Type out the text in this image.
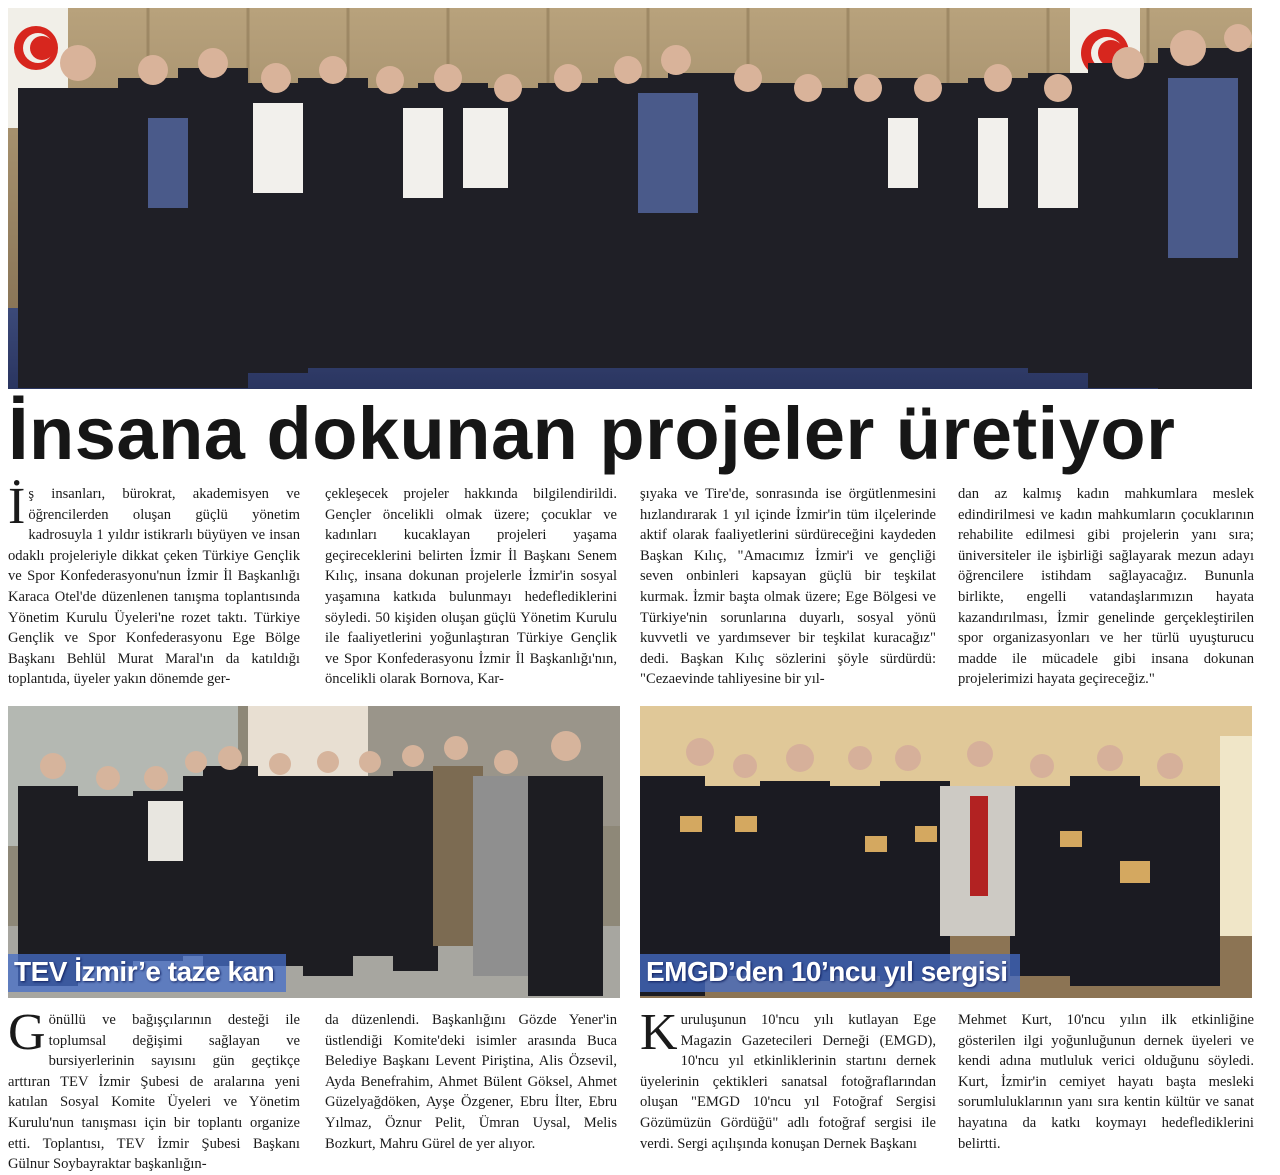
İnsana dokunan projeler üretiyor

İş insanları, bürokrat, akademisyen ve öğrencilerden oluşan güçlü yönetim kadrosuyla 1 yıldır istikrarlı büyüyen ve insan odaklı projeleriyle dikkat çeken Türkiye Gençlik ve Spor Konfederasyonu'nun İzmir İl Başkanlığı Karaca Otel'de düzenlenen tanışma toplantısında Yönetim Kurulu Üyeleri'ne rozet taktı. Türkiye Gençlik ve Spor Konfederasyonu Ege Bölge Başkanı Behlül Murat Maral'ın da katıldığı toplantıda, üyeler yakın dönemde ger-

çekleşecek projeler hakkında bilgilendirildi. Gençler öncelikli olmak üzere; çocuklar ve kadınları kucaklayan projeleri yaşama geçireceklerini belirten İzmir İl Başkanı Senem Kılıç, insana dokunan projelerle İzmir'in sosyal yaşamına katkıda bulunmayı hedeflediklerini söyledi. 50 kişiden oluşan güçlü Yönetim Kurulu ile faaliyetlerini yoğunlaştıran Türkiye Gençlik ve Spor Konfederasyonu İzmir İl Başkanlığı'nın, öncelikli olarak Bornova, Kar-

şıyaka ve Tire'de, sonrasında ise örgütlenmesini hızlandırarak 1 yıl içinde İzmir'in tüm ilçelerinde aktif olarak faaliyetlerini sürdüreceğini kaydeden Başkan Kılıç, "Amacımız İzmir'i ve gençliği seven onbinleri kapsayan güçlü bir teşkilat kurmak. İzmir başta olmak üzere; Ege Bölgesi ve Türkiye'nin sorunlarına duyarlı, sosyal yönü kuvvetli ve yardımsever bir teşkilat kuracağız" dedi. Başkan Kılıç sözlerini şöyle sürdürdü: "Cezaevinde tahliyesine bir yıl-

dan az kalmış kadın mahkumlara meslek edindirilmesi ve kadın mahkumların çocuklarının rehabilite edilmesi gibi projelerin yanı sıra; üniversiteler ile işbirliği sağlayarak mezun adayı öğrencilere istihdam sağlayacağız. Bununla birlikte, engelli vatandaşlarımızın hayata kazandırılması, İzmir genelinde gerçekleştirilen spor organizasyonları ve her türlü uyuşturucu madde ile mücadele gibi insana dokunan projelerimizi hayata geçireceğiz."

TEV İzmir’e taze kan	EMGD’den 10’ncu yıl sergisi

Gönüllü ve bağışçılarının desteği ile toplumsal değişimi sağlayan ve bursiyerlerinin sayısını gün geçtikçe arttıran TEV İzmir Şubesi de aralarına yeni katılan Sosyal Komite Üyeleri ve Yönetim Kurulu'nun tanışması için bir toplantı organize etti. Toplantısı, TEV İzmir Şubesi Başkanı Gülnur Soybayraktar başkanlığın-

da düzenlendi. Başkanlığını Gözde Yener'in üstlendiği Komite'deki isimler arasında Buca Belediye Başkanı Levent Piriştina, Alis Özsevil, Ayda Benefrahim, Ahmet Bülent Göksel, Ahmet Güzelyağdöken, Ayşe Özgener, Ebru İlter, Ebru Yılmaz, Öznur Pelit, Ümran Uysal, Melis Bozkurt, Mahru Gürel de yer alıyor.

Kuruluşunun 10'ncu yılı kutlayan Ege Magazin Gazetecileri Derneği (EMGD), 10'ncu yıl etkinliklerinin startını dernek üyelerinin çektikleri sanatsal fotoğraflarından oluşan "EMGD 10'ncu yıl Fotoğraf Sergisi Gözümüzün Gördüğü" adlı fotoğraf sergisi ile verdi. Sergi açılışında konuşan Dernek Başkanı

Mehmet Kurt, 10'ncu yılın ilk etkinliğine gösterilen ilgi yoğunluğunun dernek üyeleri ve kendi adına mutluluk verici olduğunu söyledi. Kurt, İzmir'in cemiyet hayatı başta mesleki sorumluluklarının yanı sıra kentin kültür ve sanat hayatına da katkı koymayı hedeflediklerini belirtti.
